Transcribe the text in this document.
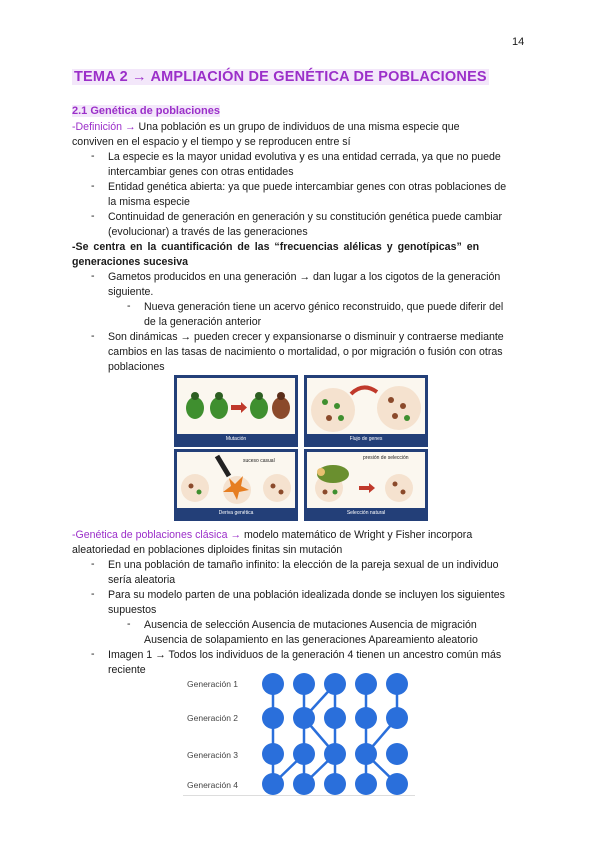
14
TEMA 2 → AMPLIACIÓN DE GENÉTICA DE POBLACIONES
2.1 Genética de poblaciones
-Definición → Una población es un grupo de individuos de una misma especie que
conviven en el espacio y el tiempo y se reproducen entre sí
- La especie es la mayor unidad evolutiva y es una entidad cerrada, ya que no puede
intercambiar genes con otras entidades
- Entidad genética abierta: ya que puede intercambiar genes con otras poblaciones de
la misma especie
- Continuidad de generación en generación y su constitución genética puede cambiar
(evolucionar) a través de las generaciones
-Se centra en la cuantificación de las “frecuencias alélicas y genotípicas” en
generaciones sucesiva
- Gametos producidos en una generación → dan lugar a los cigotos de la generación
siguiente.
- Nueva generación tiene un acervo génico reconstruido, que puede diferir del
de la generación anterior
- Son dinámicas → pueden crecer y expansionarse o disminuir y contraerse mediante
cambios en las tasas de nacimiento o mortalidad, o por migración o fusión con otras
poblaciones
Mutación	Flujo de genes
suceso casual
Deriva genética
presión de selección
Selección natural
-Genética de poblaciones clásica → modelo matemático de Wright y Fisher incorpora
aleatoriedad en poblaciones diploides finitas sin mutación
- En una población de tamaño infinito: la elección de la pareja sexual de un individuo
sería aleatoria
- Para su modelo parten de una población idealizada donde se incluyen los siguientes
supuestos
- Ausencia de selección Ausencia de mutaciones Ausencia de migración
Ausencia de solapamiento en las generaciones Apareamiento aleatorio
- Imagen 1 → Todos los individuos de la generación 4 tienen un ancestro común más
reciente
Generación 1
Generación 2
Generación 3
Generación 4
